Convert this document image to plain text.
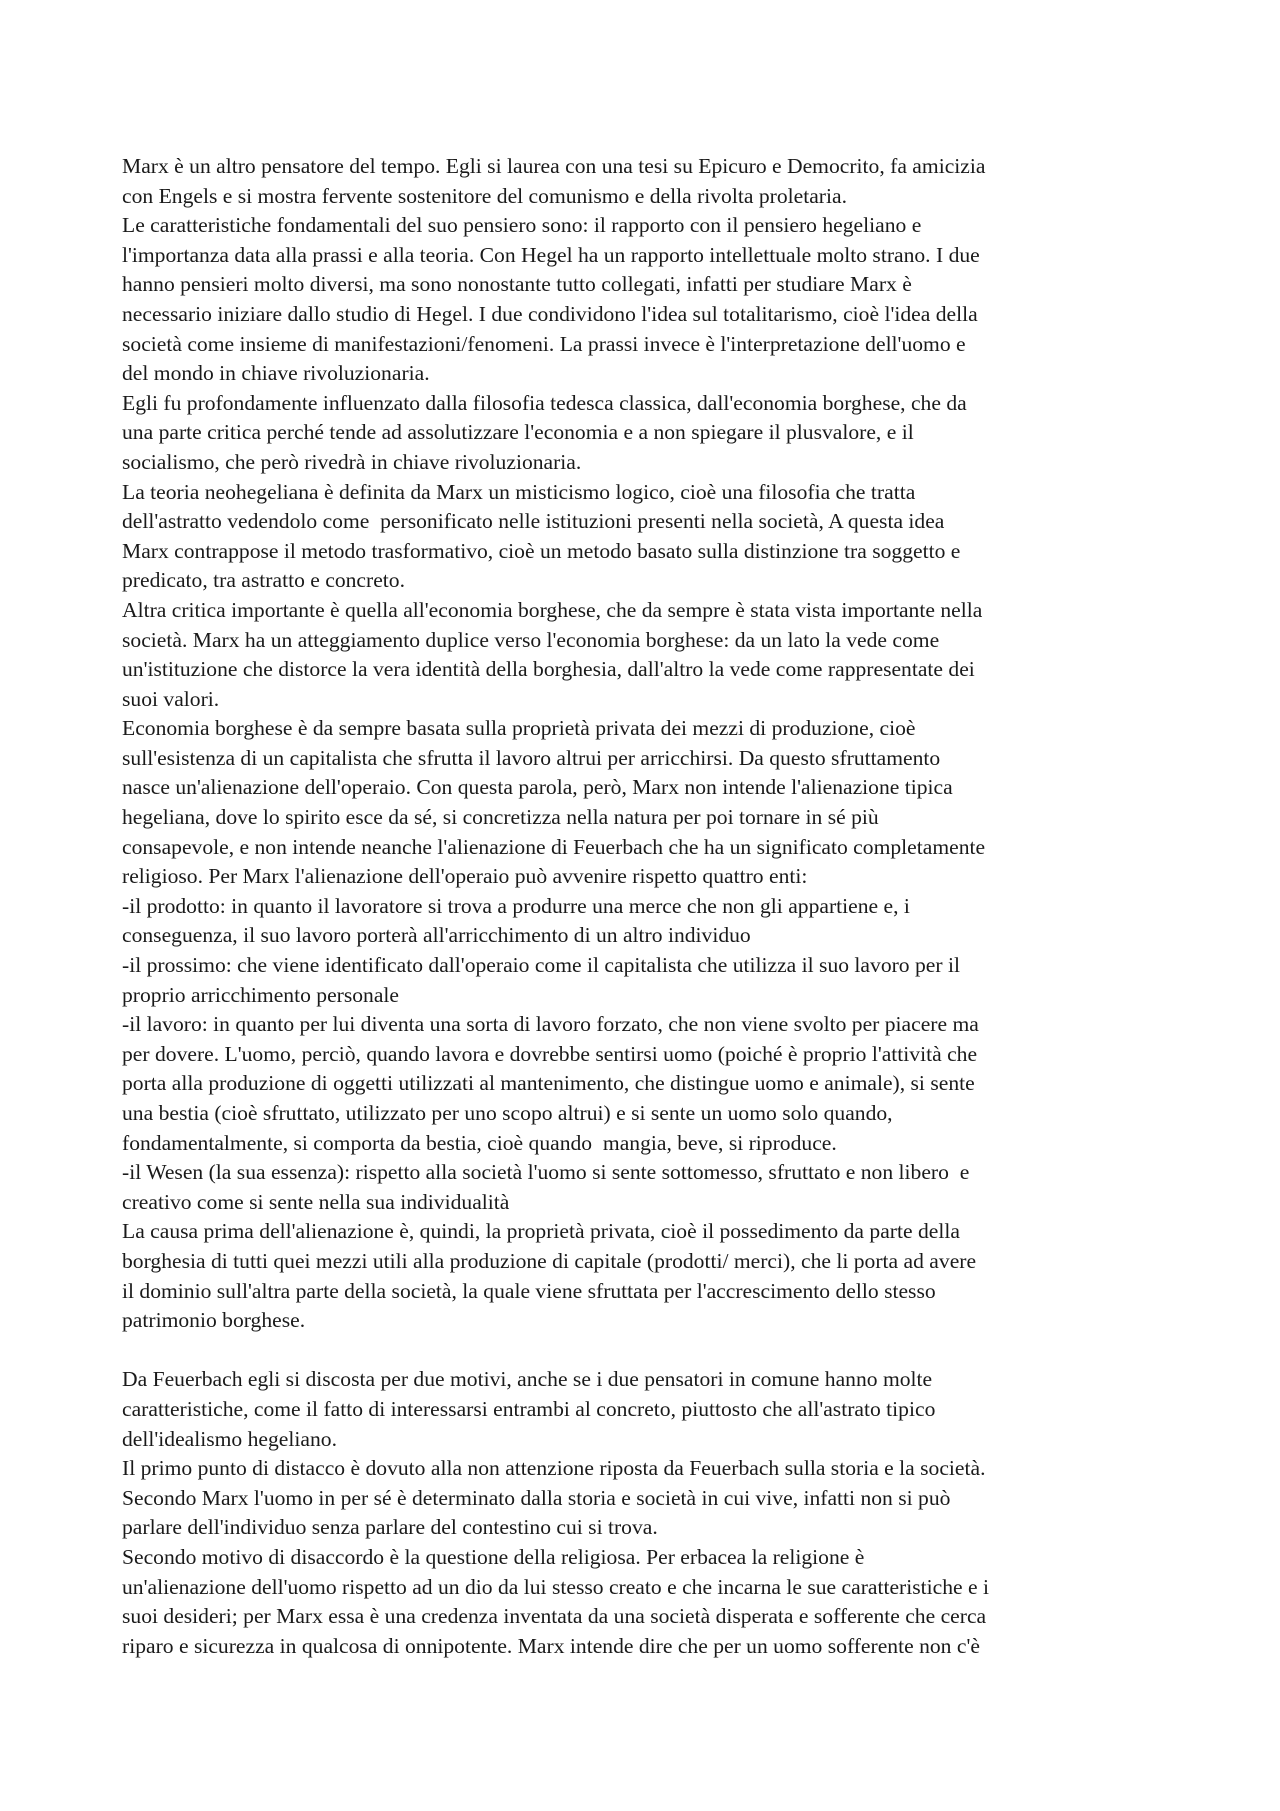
Marx è un altro pensatore del tempo. Egli si laurea con una tesi su Epicuro e Democrito, fa amicizia

con Engels e si mostra fervente sostenitore del comunismo e della rivolta proletaria.

Le caratteristiche fondamentali del suo pensiero sono: il rapporto con il pensiero hegeliano e

l'importanza data alla prassi e alla teoria. Con Hegel ha un rapporto intellettuale molto strano. I due

hanno pensieri molto diversi, ma sono nonostante tutto collegati, infatti per studiare Marx è

necessario iniziare dallo studio di Hegel. I due condividono l'idea sul totalitarismo, cioè l'idea della

società come insieme di manifestazioni/fenomeni. La prassi invece è l'interpretazione dell'uomo e

del mondo in chiave rivoluzionaria.

Egli fu profondamente influenzato dalla filosofia tedesca classica, dall'economia borghese, che da

una parte critica perché tende ad assolutizzare l'economia e a non spiegare il plusvalore, e il

socialismo, che però rivedrà in chiave rivoluzionaria.

La teoria neohegeliana è definita da Marx un misticismo logico, cioè una filosofia che tratta

dell'astratto vedendolo come  personificato nelle istituzioni presenti nella società, A questa idea

Marx contrappose il metodo trasformativo, cioè un metodo basato sulla distinzione tra soggetto e

predicato, tra astratto e concreto.

Altra critica importante è quella all'economia borghese, che da sempre è stata vista importante nella

società. Marx ha un atteggiamento duplice verso l'economia borghese: da un lato la vede come

un'istituzione che distorce la vera identità della borghesia, dall'altro la vede come rappresentate dei

suoi valori.

Economia borghese è da sempre basata sulla proprietà privata dei mezzi di produzione, cioè

sull'esistenza di un capitalista che sfrutta il lavoro altrui per arricchirsi. Da questo sfruttamento

nasce un'alienazione dell'operaio. Con questa parola, però, Marx non intende l'alienazione tipica

hegeliana, dove lo spirito esce da sé, si concretizza nella natura per poi tornare in sé più

consapevole, e non intende neanche l'alienazione di Feuerbach che ha un significato completamente

religioso. Per Marx l'alienazione dell'operaio può avvenire rispetto quattro enti:

-il prodotto: in quanto il lavoratore si trova a produrre una merce che non gli appartiene e, i

conseguenza, il suo lavoro porterà all'arricchimento di un altro individuo

-il prossimo: che viene identificato dall'operaio come il capitalista che utilizza il suo lavoro per il

proprio arricchimento personale

-il lavoro: in quanto per lui diventa una sorta di lavoro forzato, che non viene svolto per piacere ma

per dovere. L'uomo, perciò, quando lavora e dovrebbe sentirsi uomo (poiché è proprio l'attività che

porta alla produzione di oggetti utilizzati al mantenimento, che distingue uomo e animale), si sente

una bestia (cioè sfruttato, utilizzato per uno scopo altrui) e si sente un uomo solo quando,

fondamentalmente, si comporta da bestia, cioè quando  mangia, beve, si riproduce.

-il Wesen (la sua essenza): rispetto alla società l'uomo si sente sottomesso, sfruttato e non libero  e

creativo come si sente nella sua individualità

La causa prima dell'alienazione è, quindi, la proprietà privata, cioè il possedimento da parte della

borghesia di tutti quei mezzi utili alla produzione di capitale (prodotti/ merci), che li porta ad avere

il dominio sull'altra parte della società, la quale viene sfruttata per l'accrescimento dello stesso

patrimonio borghese.

Da Feuerbach egli si discosta per due motivi, anche se i due pensatori in comune hanno molte

caratteristiche, come il fatto di interessarsi entrambi al concreto, piuttosto che all'astrato tipico

dell'idealismo hegeliano.

Il primo punto di distacco è dovuto alla non attenzione riposta da Feuerbach sulla storia e la società.

Secondo Marx l'uomo in per sé è determinato dalla storia e società in cui vive, infatti non si può

parlare dell'individuo senza parlare del contestino cui si trova.

Secondo motivo di disaccordo è la questione della religiosa. Per erbacea la religione è

un'alienazione dell'uomo rispetto ad un dio da lui stesso creato e che incarna le sue caratteristiche e i

suoi desideri; per Marx essa è una credenza inventata da una società disperata e sofferente che cerca

riparo e sicurezza in qualcosa di onnipotente. Marx intende dire che per un uomo sofferente non c'è
